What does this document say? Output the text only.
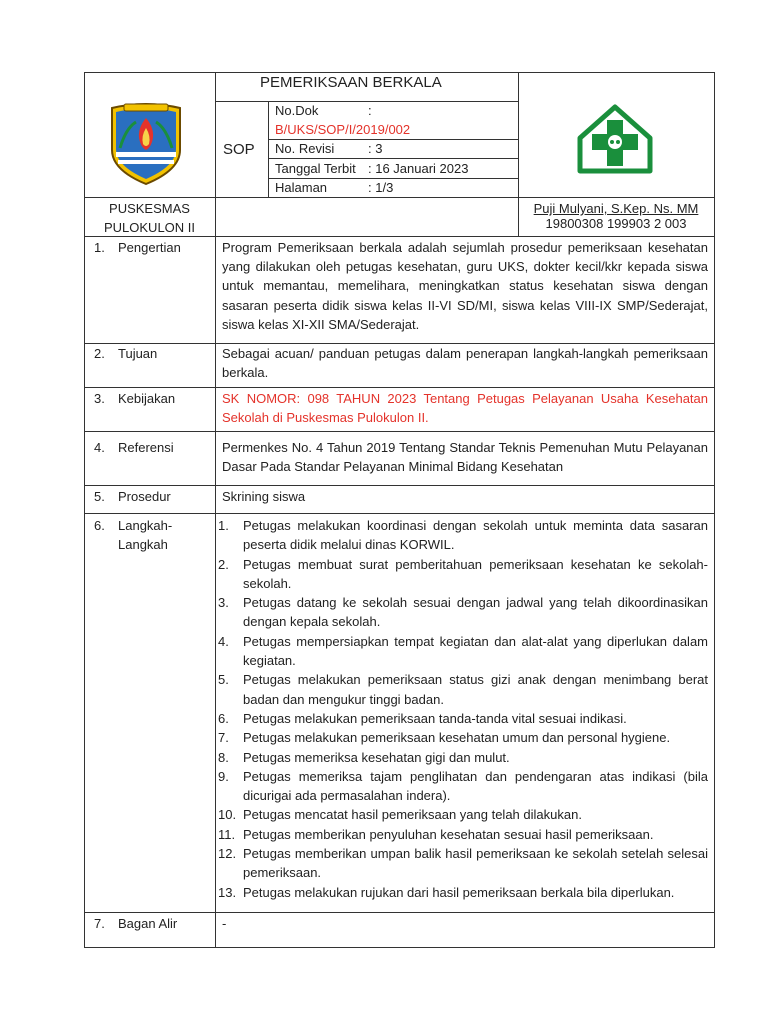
PEMERIKSAAN BERKALA
SOP
No.Dok	:
B/UKS/SOP/I/2019/002
No. Revisi	: 3
Tanggal Terbit : 16 Januari 2023
Halaman	: 1/3
PUSKESMAS
PULOKULON II
Puji Mulyani, S.Kep. Ns. MM
19800308 199903 2 003
1. Pengertian	Program Pemeriksaan berkala adalah sejumlah prosedur pemeriksaan kesehatan yang dilakukan oleh petugas kesehatan, guru UKS, dokter kecil/kkr kepada siswa untuk memantau, memelihara, meningkatkan status kesehatan siswa dengan sasaran peserta didik siswa kelas II-VI SD/MI, siswa kelas VIII-IX SMP/Sederajat, siswa kelas XI-XII SMA/Sederajat.
2. Tujuan	Sebagai acuan/ panduan petugas dalam penerapan langkah-langkah pemeriksaan berkala.
3. Kebijakan	SK NOMOR: 098 TAHUN 2023 Tentang Petugas Pelayanan Usaha Kesehatan Sekolah di Puskesmas Pulokulon II.
4. Referensi	Permenkes No. 4 Tahun 2019 Tentang Standar Teknis Pemenuhan Mutu Pelayanan Dasar Pada Standar Pelayanan Minimal Bidang Kesehatan
5. Prosedur	Skrining siswa
6. Langkah-
Langkah
1. Petugas melakukan koordinasi dengan sekolah untuk meminta data sasaran peserta didik melalui dinas KORWIL.
2. Petugas membuat surat pemberitahuan pemeriksaan kesehatan ke sekolah-sekolah.
3. Petugas datang ke sekolah sesuai dengan jadwal yang telah dikoordinasikan dengan kepala sekolah.
4. Petugas mempersiapkan tempat kegiatan dan alat-alat yang diperlukan dalam kegiatan.
5. Petugas melakukan pemeriksaan status gizi anak dengan menimbang berat badan dan mengukur tinggi badan.
6. Petugas melakukan pemeriksaan tanda-tanda vital sesuai indikasi.
7. Petugas melakukan pemeriksaan kesehatan umum dan personal hygiene.
8. Petugas memeriksa kesehatan gigi dan mulut.
9. Petugas memeriksa tajam penglihatan dan pendengaran atas indikasi (bila dicurigai ada permasalahan indera).
10. Petugas mencatat hasil pemeriksaan yang telah dilakukan.
11. Petugas memberikan penyuluhan kesehatan sesuai hasil pemeriksaan.
12. Petugas memberikan umpan balik hasil pemeriksaan ke sekolah setelah selesai pemeriksaan.
13. Petugas melakukan rujukan dari hasil pemeriksaan berkala bila diperlukan.
7. Bagan Alir	-
